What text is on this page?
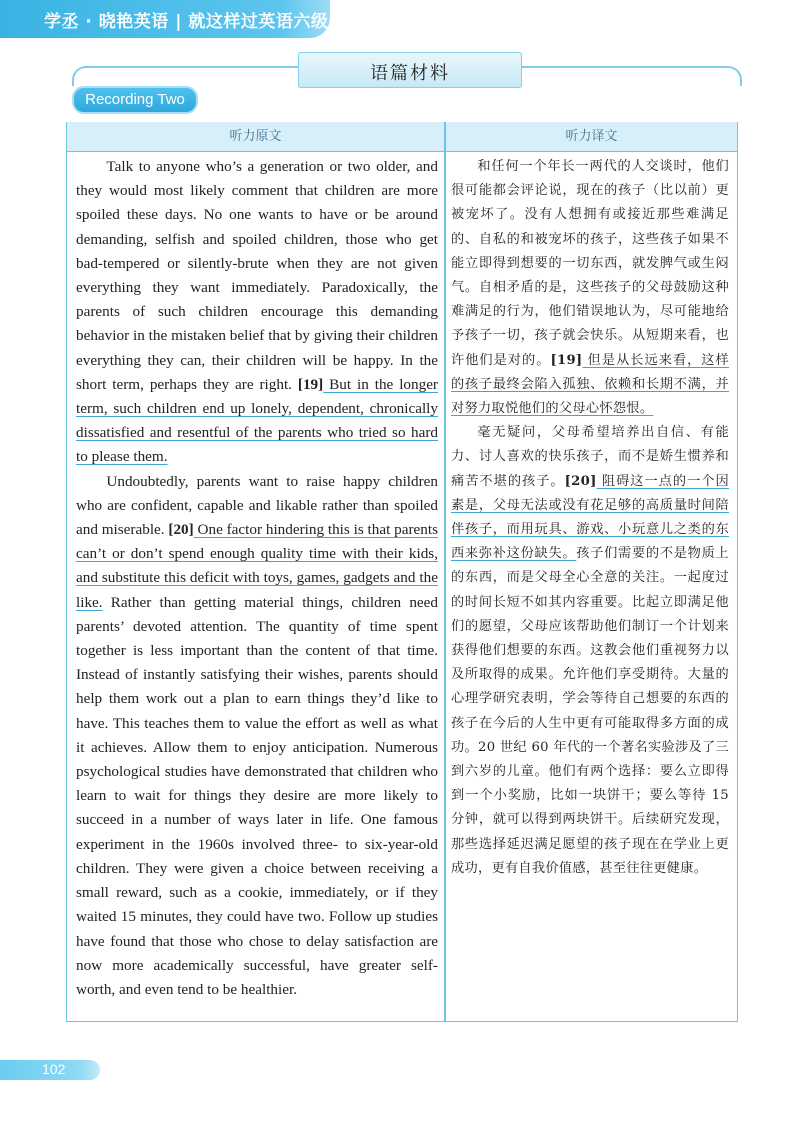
学丞 · 晓艳英语 | 就这样过英语六级
语篇材料
Recording Two
听力原文	听力译文

Talk to anyone who’s a generation or two older, and they would most likely comment that children are more spoiled these days. No one wants to have or be around demanding, selfish and spoiled children, those who get bad-tempered or silently-brute when they are not given everything they want immediately. Paradoxically, the parents of such children encourage this demanding behavior in the mistaken belief that by giving their children everything they can, their children will be happy. In the short term, perhaps they are right. [19] But in the longer term, such children end up lonely, dependent, chronically dissatisfied and resentful of the parents who tried so hard to please them.

Undoubtedly, parents want to raise happy children who are confident, capable and likable rather than spoiled and miserable. [20] One factor hindering this is that parents can’t or don’t spend enough quality time with their kids, and substitute this deficit with toys, games, gadgets and the like. Rather than getting material things, children need parents’ devoted attention. The quantity of time spent together is less important than the content of that time. Instead of instantly satisfying their wishes, parents should help them work out a plan to earn things they’d like to have. This teaches them to value the effort as well as what it achieves. Allow them to enjoy anticipation. Numerous psychological studies have demonstrated that children who learn to wait for things they desire are more likely to succeed in a number of ways later in life. One famous experiment in the 1960s involved three- to six-year-old children. They were given a choice between receiving a small reward, such as a cookie, immediately, or if they waited 15 minutes, they could have two. Follow up studies have found that those who chose to delay satisfaction are now more academically successful, have greater self-worth, and even tend to be healthier.

和任何一个年长一两代的人交谈时，他们很可能都会评论说，现在的孩子（比以前）更被宠坏了。没有人想拥有或接近那些难满足的、自私的和被宠坏的孩子，这些孩子如果不能立即得到想要的一切东西，就发脾气或生闷气。自相矛盾的是，这些孩子的父母鼓励这种难满足的行为，他们错误地认为，尽可能地给予孩子一切，孩子就会快乐。从短期来看，也许他们是对的。[19] 但是从长远来看，这样的孩子最终会陷入孤独、依赖和长期不满，并对努力取悦他们的父母心怀怨恨。

毫无疑问，父母希望培养出自信、有能力、讨人喜欢的快乐孩子，而不是娇生惯养和痛苦不堪的孩子。[20] 阻碍这一点的一个因素是，父母无法或没有花足够的高质量时间陪伴孩子，而用玩具、游戏、小玩意儿之类的东西来弥补这份缺失。孩子们需要的不是物质上的东西，而是父母全心全意的关注。一起度过的时间长短不如其内容重要。比起立即满足他们的愿望，父母应该帮助他们制订一个计划来获得他们想要的东西。这教会他们重视努力以及所取得的成果。允许他们享受期待。大量的心理学研究表明，学会等待自己想要的东西的孩子在今后的人生中更有可能取得多方面的成功。20 世纪 60 年代的一个著名实验涉及了三到六岁的儿童。他们有两个选择：要么立即得到一个小奖励，比如一块饼干；要么等待 15 分钟，就可以得到两块饼干。后续研究发现，那些选择延迟满足愿望的孩子现在在学业上更成功，更有自我价值感，甚至往往更健康。

102
